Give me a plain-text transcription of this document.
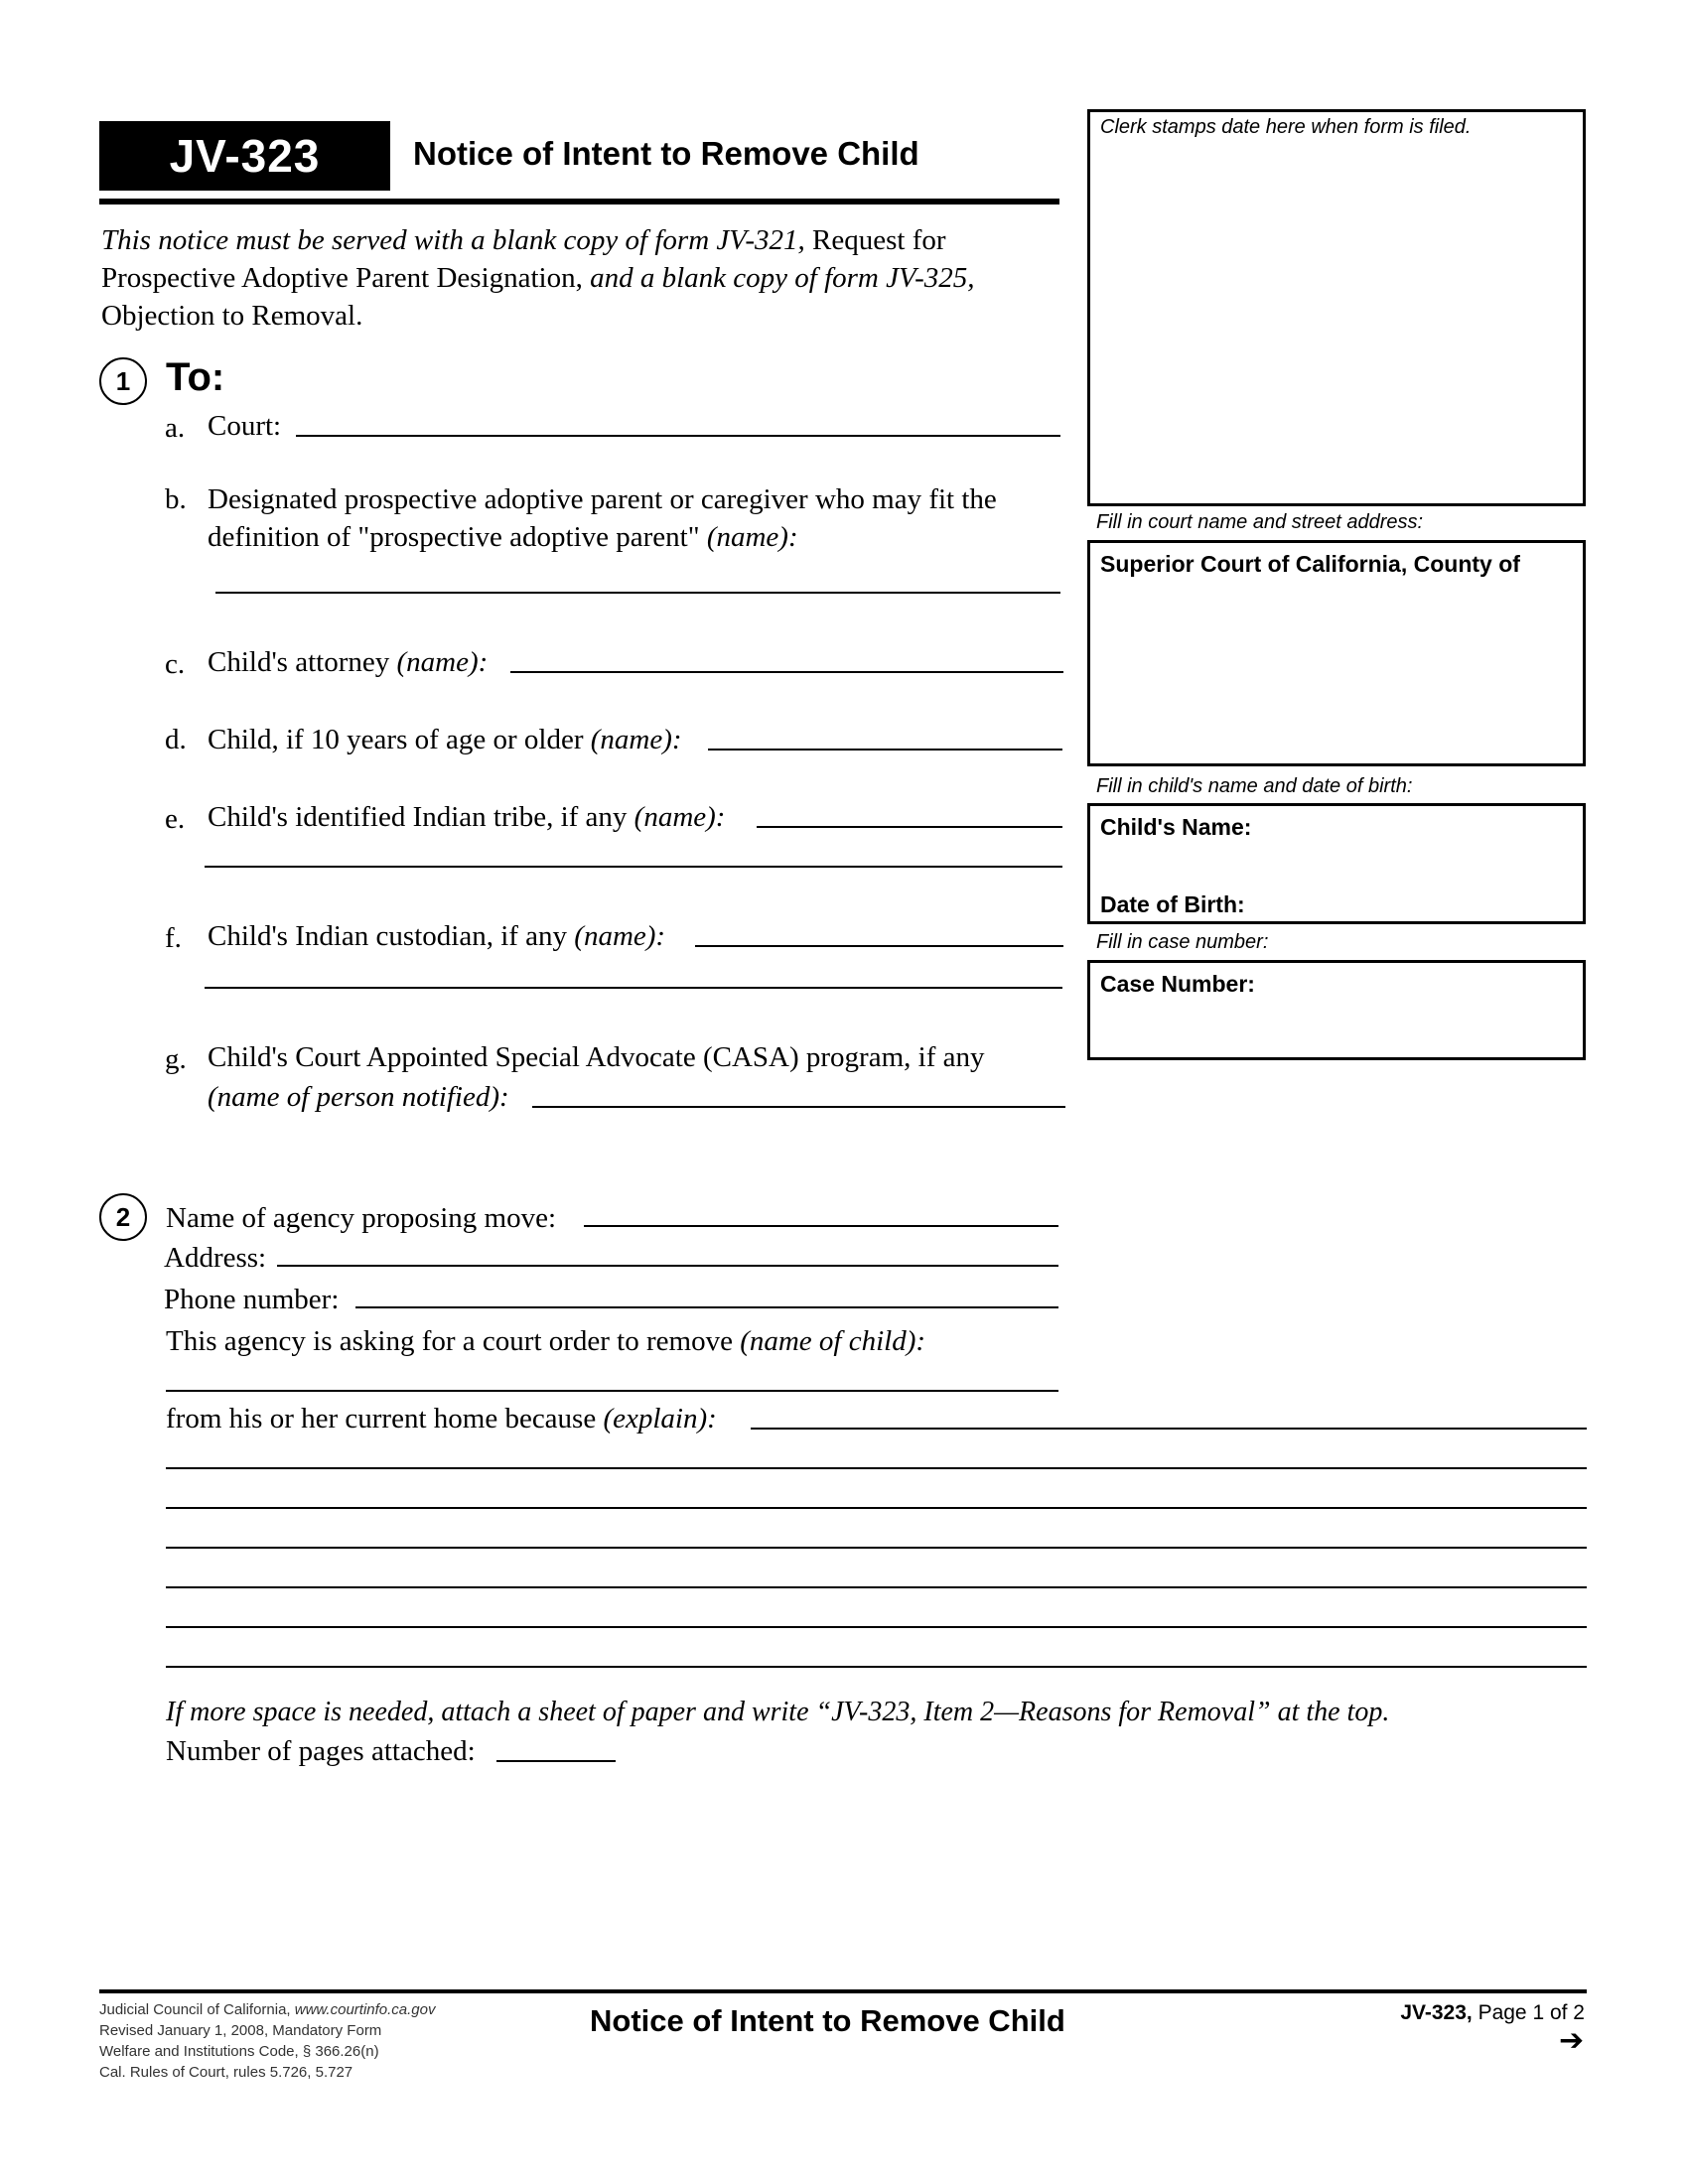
JV-323	Notice of Intent to Remove Child
This notice must be served with a blank copy of form JV-321, Request for Prospective Adoptive Parent Designation, and a blank copy of form JV-325, Objection to Removal.
Clerk stamps date here when form is filed.
Fill in court name and street address:
Superior Court of California, County of
Fill in child's name and date of birth:
Child's Name:
Date of Birth:
Fill in case number:
Case Number:
1 To:
a. Court:
b. Designated prospective adoptive parent or caregiver who may fit the
definition of "prospective adoptive parent" (name):
c. Child's attorney (name):
d. Child, if 10 years of age or older (name):
e. Child's identified Indian tribe, if any (name):
f. Child's Indian custodian, if any (name):
g. Child's Court Appointed Special Advocate (CASA) program, if any
(name of person notified):
2	Name of agency proposing move:
Address:
Phone number:
This agency is asking for a court order to remove (name of child):
from his or her current home because (explain):
If more space is needed, attach a sheet of paper and write “JV-323, Item 2—Reasons for Removal” at the top.
Number of pages attached:
Judicial Council of California, www.courtinfo.ca.gov
Revised January 1, 2008, Mandatory Form
Welfare and Institutions Code, § 366.26(n)
Cal. Rules of Court, rules 5.726, 5.727
Notice of Intent to Remove Child	JV-323, Page 1 of 2
➔
